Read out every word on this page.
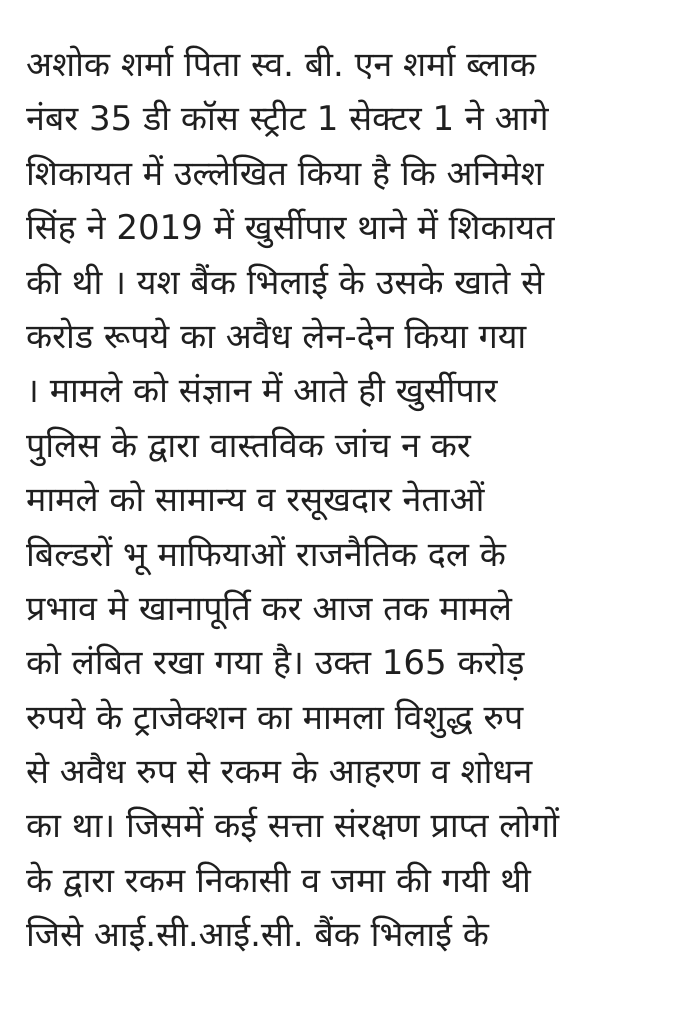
अशोक शर्मा पिता स्व. बी. एन शर्मा ब्लाक
नंबर 35 डी कॉस स्ट्रीट 1 सेक्टर 1 ने आगे
शिकायत में उल्लेखित किया है कि अनिमेश
सिंह ने 2019 में खुर्सीपार थाने में शिकायत
की थी । यश बैंक भिलाई के उसके खाते से
करोड रूपये का अवैध लेन-देन किया गया
। मामले को संज्ञान में आते ही खुर्सीपार
पुलिस के द्वारा वास्तविक जांच न कर
मामले को सामान्य व रसूखदार नेताओं
बिल्डरों भू माफियाओं राजनैतिक दल के
प्रभाव मे खानापूर्ति कर आज तक मामले
को लंबित रखा गया है। उक्त 165 करोड़
रुपये के ट्राजेक्शन का मामला विशुद्ध रुप
से अवैध रुप से रकम के आहरण व शोधन
का था। जिसमें कई सत्ता संरक्षण प्राप्त लोगों
के द्वारा रकम निकासी व जमा की गयी थी
जिसे आई.सी.आई.सी. बैंक भिलाई के
